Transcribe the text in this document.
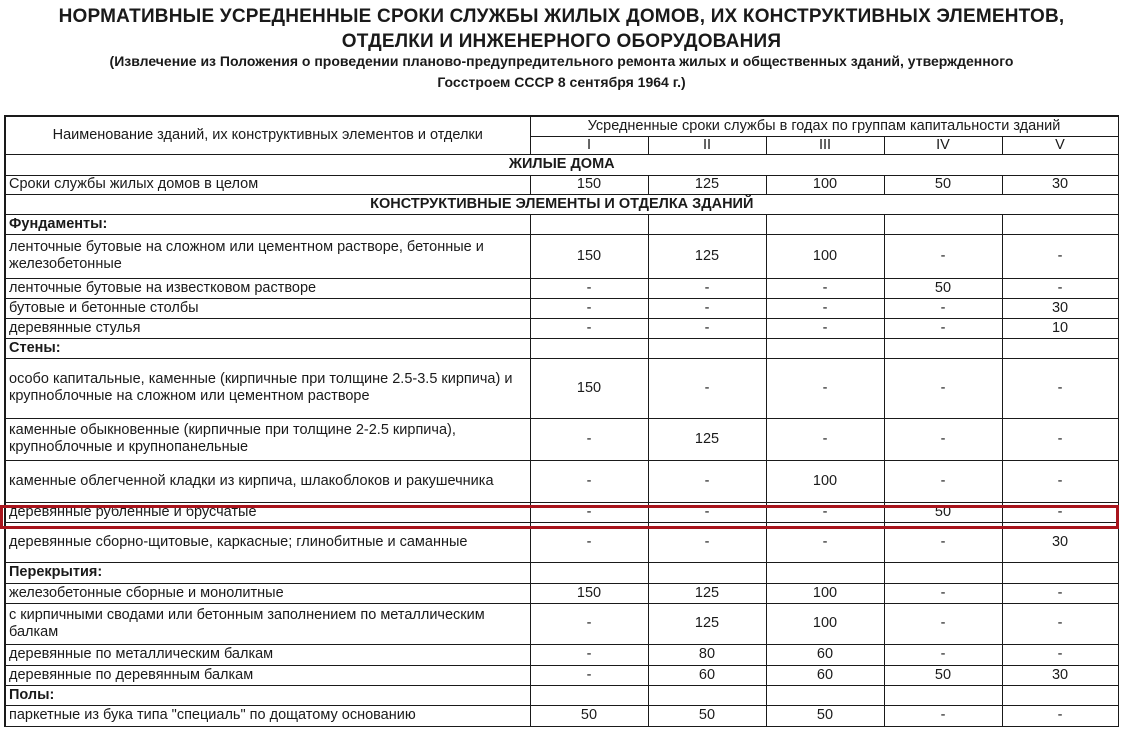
НОРМАТИВНЫЕ УСРЕДНЕННЫЕ СРОКИ СЛУЖБЫ ЖИЛЫХ ДОМОВ, ИХ КОНСТРУКТИВНЫХ ЭЛЕМЕНТОВ,
ОТДЕЛКИ И ИНЖЕНЕРНОГО ОБОРУДОВАНИЯ
(Извлечение из Положения о проведении планово-предупредительного ремонта жилых и общественных зданий, утвержденного
Госстроем СССР 8 сентября 1964 г.)
Наименование зданий, их конструктивных элементов и отделки	Усредненные сроки службы в годах по группам капитальности зданий				
	I	II	III	IV	V
ЖИЛЫЕ ДОМА					
Сроки службы жилых домов в целом	150	125	100	50	30
КОНСТРУКТИВНЫЕ ЭЛЕМЕНТЫ И ОТДЕЛКА ЗДАНИЙ					
Фундаменты:					
ленточные бутовые на сложном или цементном растворе, бетонные и железобетонные	150	125	100	-	-
ленточные бутовые на известковом растворе	-	-	-	50	-
бутовые и бетонные столбы	-	-	-	-	30
деревянные стулья	-	-	-	-	10
Стены:					
особо капитальные, каменные (кирпичные при толщине 2.5-3.5 кирпича) и крупноблочные на сложном или цементном растворе	150	-	-	-	-
каменные обыкновенные (кирпичные при толщине 2-2.5 кирпича), крупноблочные и крупнопанельные	-	125	-	-	-
каменные облегченной кладки из кирпича, шлакоблоков и ракушечника	-	-	100	-	-
деревянные рубленные и брусчатые	-	-	-	50	-
деревянные сборно-щитовые, каркасные; глинобитные и саманные	-	-	-	-	30
Перекрытия:					
железобетонные сборные и монолитные	150	125	100	-	-
с кирпичными сводами или бетонным заполнением по металлическим балкам	-	125	100	-	-
деревянные по металлическим балкам	-	80	60	-	-
деревянные по деревянным балкам	-	60	60	50	30
Полы:					
паркетные из бука типа "специаль" по дощатому основанию	50	50	50	-	-
